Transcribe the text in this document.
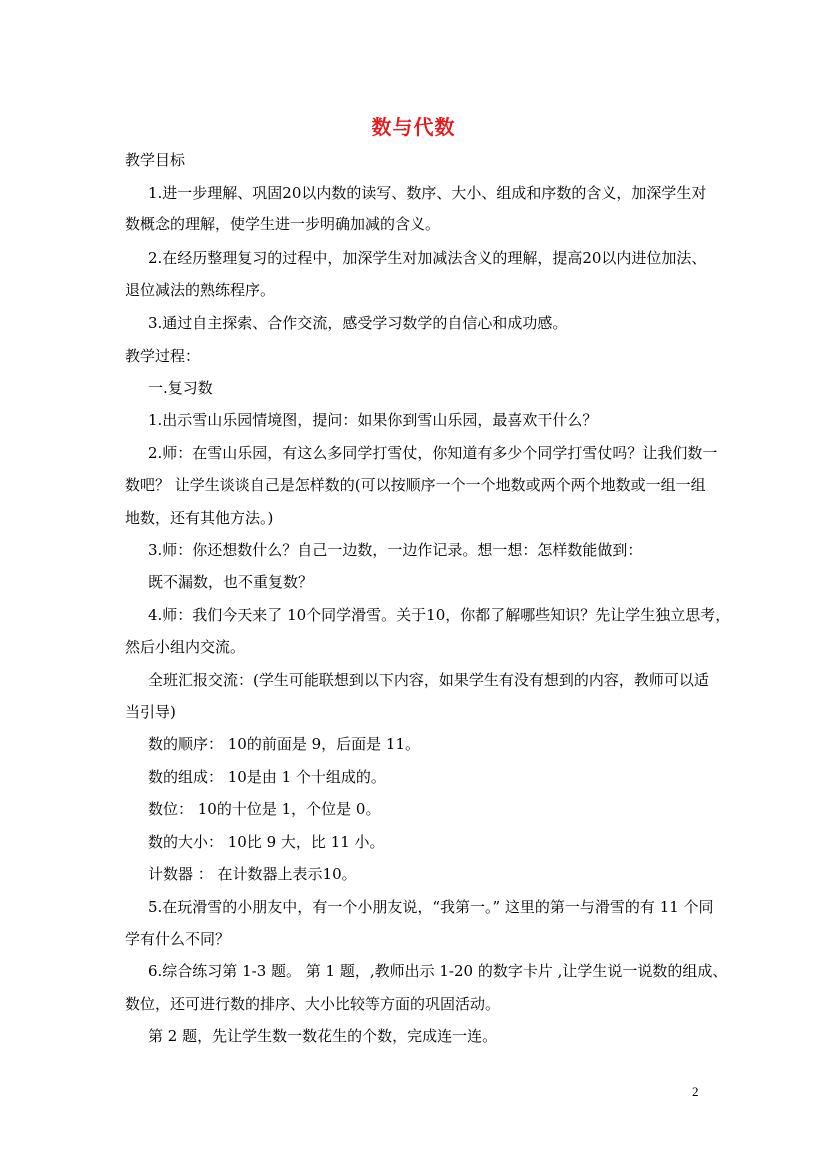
数与代数
教学目标
1.进一步理解、巩固20以内数的读写、数序、大小、组成和序数的含义，加深学生对
数概念的理解，使学生进一步明确加减的含义。
2.在经历整理复习的过程中，加深学生对加减法含义的理解，提高20以内进位加法、
退位减法的熟练程序。
3.通过自主探索、合作交流，感受学习数学的自信心和成功感。
教学过程：
一.复习数
1.出示雪山乐园情境图，提问：如果你到雪山乐园，最喜欢干什么？
2.师：在雪山乐园，有这么多同学打雪仗，你知道有多少个同学打雪仗吗？让我们数一
数吧？ 让学生谈谈自己是怎样数的(可以按顺序一个一个地数或两个两个地数或一组一组
地数，还有其他方法。)
3.师：你还想数什么？自己一边数，一边作记录。想一想：怎样数能做到：
既不漏数，也不重复数？
4.师：我们今天来了 10个同学滑雪。关于10，你都了解哪些知识？先让学生独立思考，
然后小组内交流。
全班汇报交流：(学生可能联想到以下内容，如果学生有没有想到的内容，教师可以适
当引导)
数的顺序： 10的前面是 9，后面是 11。
数的组成： 10是由 1 个十组成的。
数位： 10的十位是 1，个位是 0。
数的大小： 10比 9 大，比 11 小。
计数器 ： 在计数器上表示10。
5.在玩滑雪的小朋友中，有一个小朋友说，“我第一。” 这里的第一与滑雪的有 11 个同
学有什么不同？
6.综合练习第 1-3 题。 第 1 题，,教师出示 1-20 的数字卡片 ,让学生说一说数的组成、
数位，还可进行数的排序、大小比较等方面的巩固活动。
第 2 题，先让学生数一数花生的个数，完成连一连。
2
